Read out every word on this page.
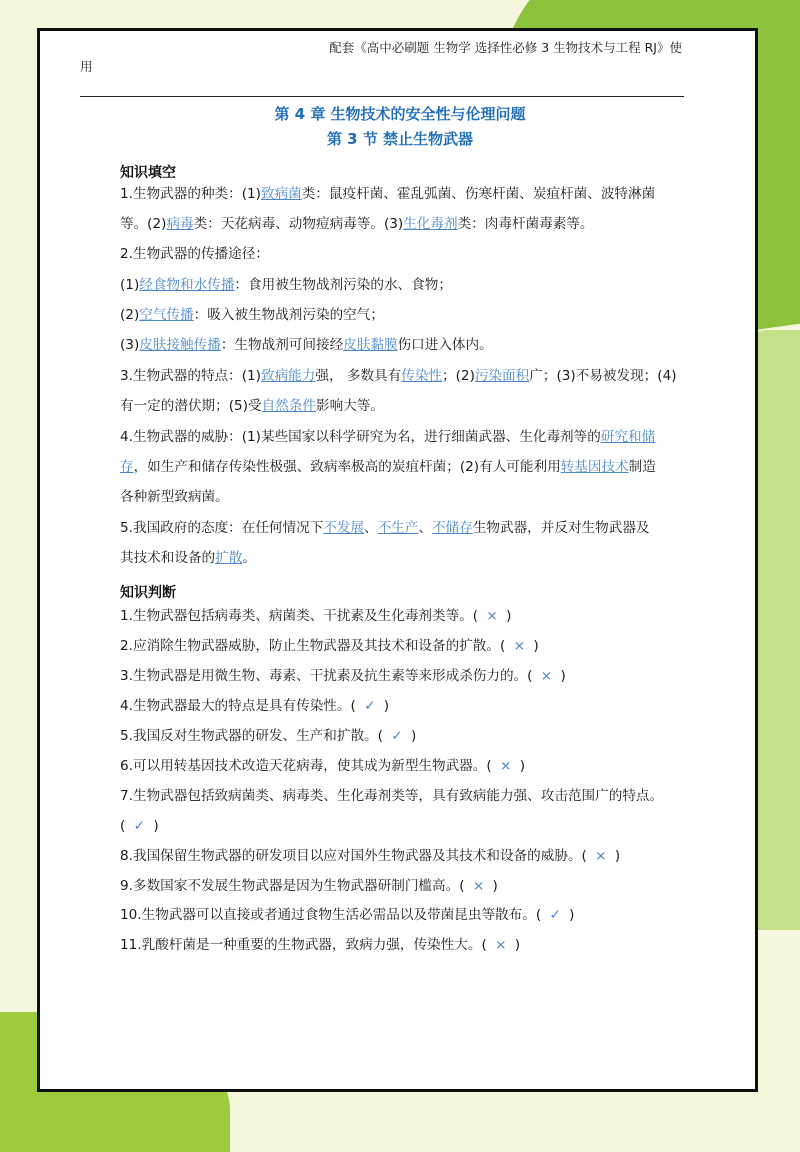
配套《高中必刷题 生物学 选择性必修 3 生物技术与工程 RJ》使
用
第 4 章 生物技术的安全性与伦理问题
第 3 节 禁止生物武器
知识填空
1.生物武器的种类：(1)致病菌类：鼠疫杆菌、霍乱弧菌、伤寒杆菌、炭疽杆菌、波特淋菌
等。(2)病毒类：天花病毒、动物痘病毒等。(3)生化毒剂类：肉毒杆菌毒素等。
2.生物武器的传播途径：
(1)经食物和水传播：食用被生物战剂污染的水、食物；
(2)空气传播：吸入被生物战剂污染的空气；
(3)皮肤接触传播：生物战剂可间接经皮肤黏膜伤口进入体内。
3.生物武器的特点：(1)致病能力强， 多数具有传染性；(2)污染面积广；(3)不易被发现；(4)
有一定的潜伏期；(5)受自然条件影响大等。
4.生物武器的威胁：(1)某些国家以科学研究为名，进行细菌武器、生化毒剂等的研究和储
存，如生产和储存传染性极强、致病率极高的炭疽杆菌；(2)有人可能利用转基因技术制造
各种新型致病菌。
5.我国政府的态度：在任何情况下不发展、不生产、不储存生物武器，并反对生物武器及
其技术和设备的扩散。
知识判断
1.生物武器包括病毒类、病菌类、干扰素及生化毒剂类等。( × )
2.应消除生物武器威胁，防止生物武器及其技术和设备的扩散。( × )
3.生物武器是用微生物、毒素、干扰素及抗生素等来形成杀伤力的。( × )
4.生物武器最大的特点是具有传染性。( ✓ )
5.我国反对生物武器的研发、生产和扩散。( ✓ )
6.可以用转基因技术改造天花病毒，使其成为新型生物武器。( × )
7.生物武器包括致病菌类、病毒类、生化毒剂类等，具有致病能力强、攻击范围广的特点。
( ✓ )
8.我国保留生物武器的研发项目以应对国外生物武器及其技术和设备的威胁。( × )
9.多数国家不发展生物武器是因为生物武器研制门槛高。( × )
10.生物武器可以直接或者通过食物生活必需品以及带菌昆虫等散布。( ✓ )
11.乳酸杆菌是一种重要的生物武器，致病力强，传染性大。( × )
